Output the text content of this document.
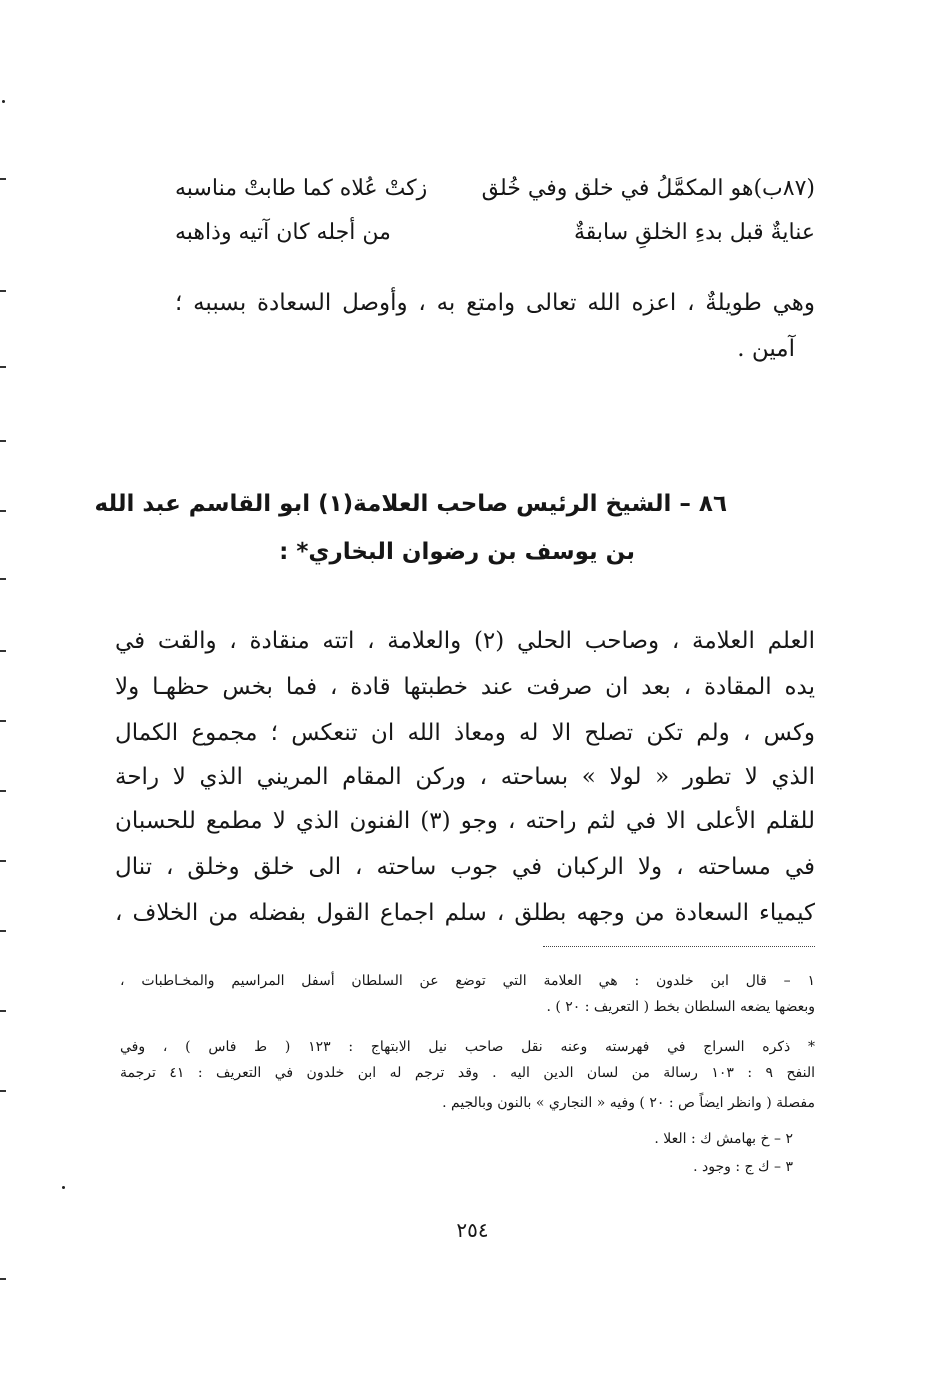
(٨٧ب)هو المكمَّلُ في خلق وفي خُلق
زكتْ عُلاه كما طابتْ مناسبه
عنايةٌ قبل بدءِ الخلقِ سابقةٌ
من أجله كان آتيه وذاهبه
وهي طويلةٌ ، اعزه الله تعالى وامتع به ، وأوصل السعادة بسببه ؛
آمين .
٨٦ – الشيخ الرئيس صاحب العلامة(١) ابو القاسم عبد الله
بن يوسف بن رضوان البخاري* :
العلم العلامة ، وصاحب الحلي (٢) والعلامة ، اتته منقادة ، والقت في
يده المقادة ، بعد ان صرفت عند خطبتها قادة ، فما بخس حظهـا ولا
وكس ، ولم تكن تصلح الا له ومعاذ الله ان تنعكس ؛ مجموع الكمال
الذي لا تطور « لولا » بساحته ، وركن المقام المريني الذي لا راحة
للقلم الأعلى الا في لثم راحته ، وجو (٣) الفنون الذي لا مطمع للحسبان
في مساحته ، ولا الركبان في جوب ساحته ، الى خلق وخلق ، تنال
كيمياء السعادة من وجهه بطلق ، سلم اجماع القول بفضله من الخلاف ،
١ – قال ابن خلدون : هي العلامة التي توضع عن السلطان أسفل المراسيم والمخـاطبات ،
وبعضها يضعه السلطان بخط ( التعريف : ٢٠ ) .
* ذكره السراج في فهرسته وعنه نقل صاحب نيل الابتهاج : ١٢٣ ( ط فاس ) ، وفي
النفح ٩ : ١٠٣ رسالة من لسان الدين اليه . وقد ترجم له ابن خلدون في التعريف : ٤١ ترجمة
مفصلة ( وانظر ايضاً ص : ٢٠ ) وفيه « النجاري » بالنون وبالجيم .
٢ – خ بهامش ك : العلا .
٣ – ك ج : وجود .
٢٥٤
